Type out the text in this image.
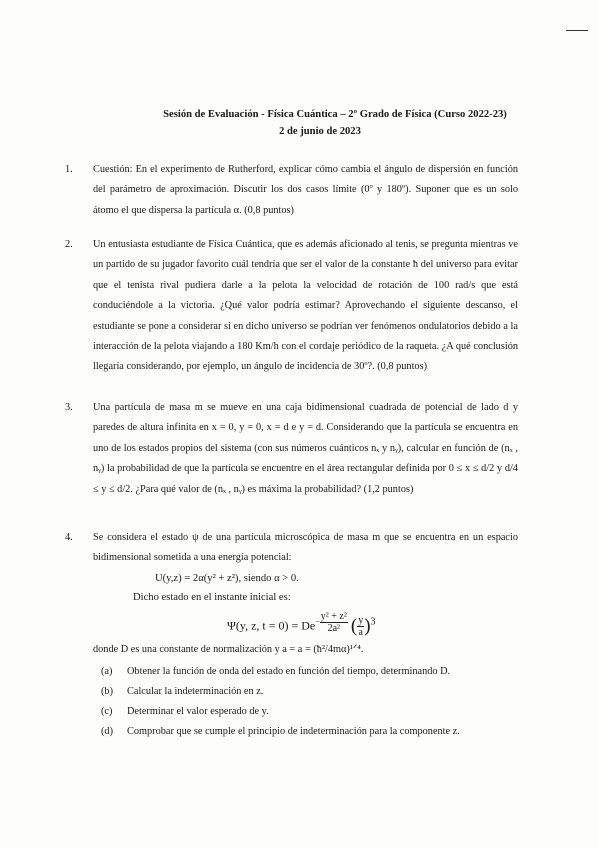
Sesión de Evaluación - Física Cuántica – 2º Grado de Física (Curso 2022-23)
2 de junio de 2023
1. Cuestión: En el experimento de Rutherford, explicar cómo cambia el ángulo de dispersión en función del parámetro de aproximación. Discutir los dos casos límite (0º y 180º). Suponer que es un solo átomo el que dispersa la partícula α. (0,8 puntos)

2. Un entusiasta estudiante de Física Cuántica, que es además aficionado al tenis, se pregunta mientras ve un partido de su jugador favorito cuál tendría que ser el valor de la constante ħ del universo para evitar que el tenista rival pudiera darle a la pelota la velocidad de rotación de 100 rad/s que está conduciéndole a la victoria. ¿Qué valor podría estimar? Aprovechando el siguiente descanso, el estudiante se pone a considerar si en dicho universo se podrían ver fenómenos ondulatorios debido a la interacción de la pelota viajando a 180 Km/h con el cordaje periódico de la raqueta. ¿A qué conclusión llegaría considerando, por ejemplo, un ángulo de incidencia de 30º?. (0,8 puntos)

3. Una partícula de masa m se mueve en una caja bidimensional cuadrada de potencial de lado d y paredes de altura infinita en x = 0, y = 0, x = d e y = d. Considerando que la partícula se encuentra en uno de los estados propios del sistema (con sus números cuánticos nₓ y nᵧ), calcular en función de (nₓ , nᵧ) la probabilidad de que la partícula se encuentre en el área rectangular definida por 0 ≤ x ≤ d/2 y d/4 ≤ y ≤ d/2. ¿Para qué valor de (nₓ , nᵧ) es máxima la probabilidad? (1,2 puntos)

4. Se considera el estado ψ de una partícula microscópica de masa m que se encuentra en un espacio bidimensional sometida a una energía potencial:

U(y,z) = 2α(y² + z²), siendo α > 0.
Dicho estado en el instante inicial es:
Ψ(y, z, $t = 0) = De^{- \frac{\text{y² + z²}}{\text{2a²}}}$ ( $\frac{y}{a})^3$

donde D es una constante de normalización y a = a = (ħ²/4mα)¹ᐟ⁴.

(a) Obtener la función de onda del estado en función del tiempo, determinando D.
(b) Calcular la indeterminación en z.
(c) Determinar el valor esperado de y.
(d) Comprobar que se cumple el principio de indeterminación para la componente z.
